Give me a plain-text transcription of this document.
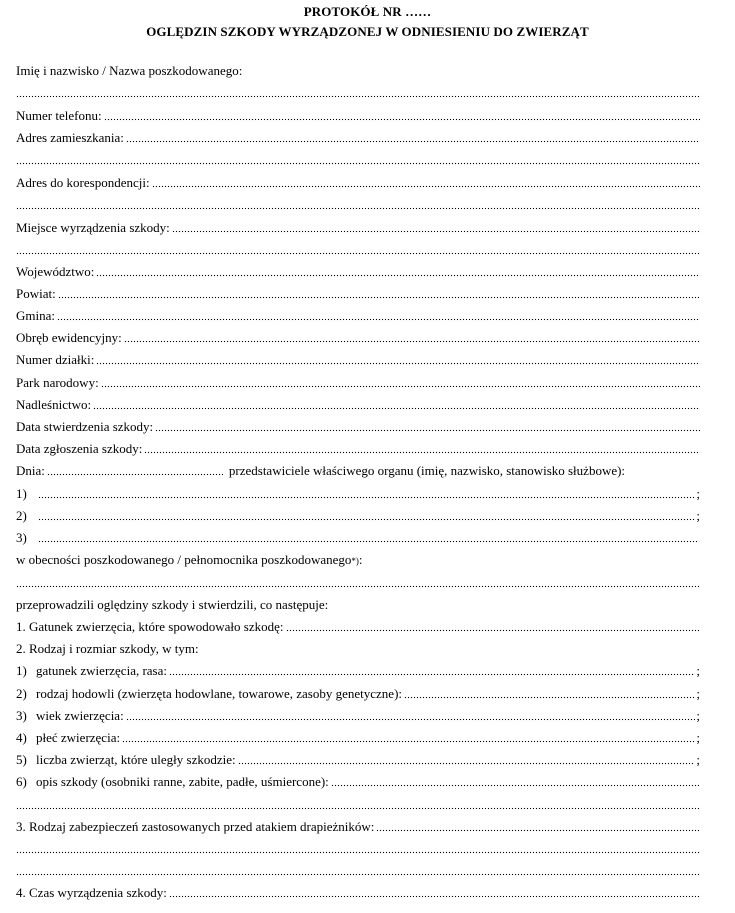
PROTOKÓŁ NR ……
OGLĘDZIN SZKODY WYRZĄDZONEJ W ODNIESIENIU DO ZWIERZĄT
Imię i nazwisko / Nazwa poszkodowanego:
Numer telefonu:
Adres zamieszkania:
Adres do korespondencji:
Miejsce wyrządzenia szkody:
Województwo:
Powiat:
Gmina:
Obręb ewidencyjny:
Numer działki:
Park narodowy:
Nadleśnictwo:
Data stwierdzenia szkody:
Data zgłoszenia szkody:
Dnia:	przedstawiciele właściwego organu (imię, nazwisko, stanowisko służbowe):
1)	;
2)	;
3)
w obecności poszkodowanego / pełnomocnika poszkodowanego *) :
przeprowadzili oględziny szkody i stwierdzili, co następuje:
1. Gatunek zwierzęcia, które spowodowało szkodę:
2. Rodzaj i rozmiar szkody, w tym:
1) gatunek zwierzęcia, rasa:	;
2) rodzaj hodowli (zwierzęta hodowlane, towarowe, zasoby genetyczne):	;
3) wiek zwierzęcia:	;
4) płeć zwierzęcia:	;
5) liczba zwierząt, które uległy szkodzie:	;
6) opis szkody (osobniki ranne, zabite, padłe, uśmiercone):
3. Rodzaj zabezpieczeń zastosowanych przed atakiem drapieżników:
4. Czas wyrządzenia szkody:
